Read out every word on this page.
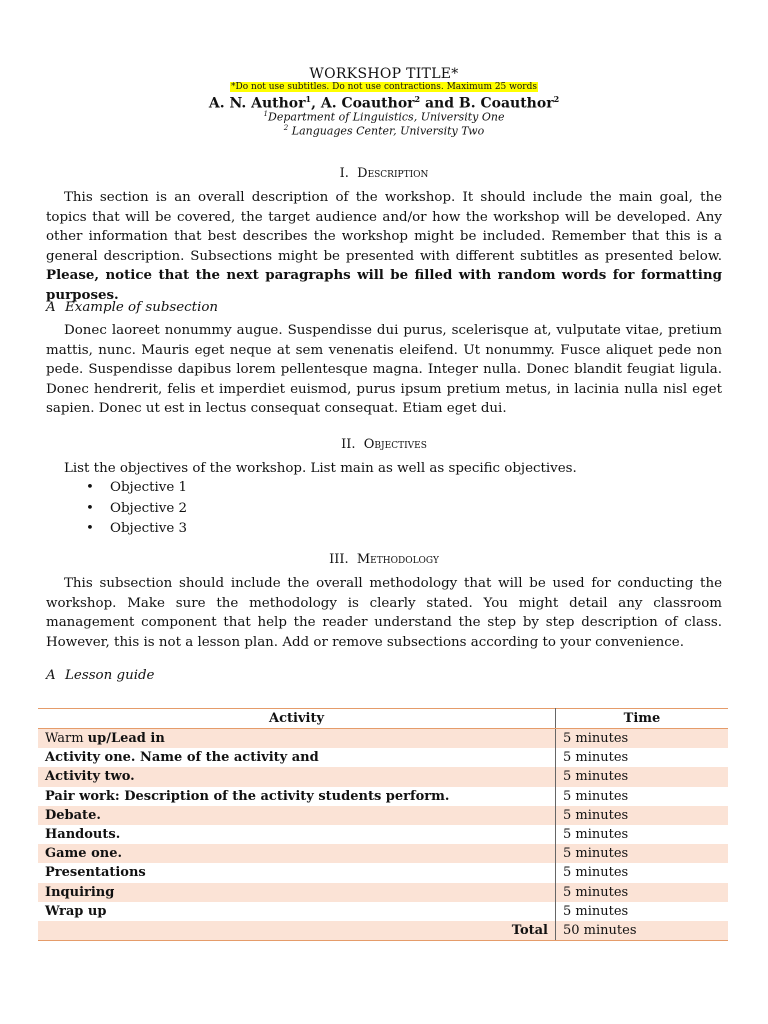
WORKSHOP TITLE*
*Do not use subtitles. Do not use contractions. Maximum 25 words
A. N. Author$^1$, A. Coauthor$^2$ and B. Coauthor$^2$
$^1$Department of Linguistics, University One
$^2$ Languages Center, University Two
I. Description

This section is an overall description of the workshop. It should include the main goal, the topics that will be covered, the target audience and/or how the workshop will be developed. Any other information that best describes the workshop might be included. Remember that this is a general description. Subsections might be presented with different subtitles as presented below. Please, notice that the next paragraphs will be filled with random words for formatting purposes.

A Example of subsection

Donec laoreet nonummy augue. Suspendisse dui purus, scelerisque at, vulputate vitae, pretium mattis, nunc. Mauris eget neque at sem venenatis eleifend. Ut nonummy. Fusce aliquet pede non pede. Suspendisse dapibus lorem pellentesque magna. Integer nulla. Donec blandit feugiat ligula. Donec hendrerit, felis et imperdiet euismod, purus ipsum pretium metus, in lacinia nulla nisl eget sapien. Donec ut est in lectus consequat consequat. Etiam eget dui.

II. Objectives

List the objectives of the workshop. List main as well as specific objectives.

• Objective 1
• Objective 2
• Objective 3
III. Methodology

This subsection should include the overall methodology that will be used for conducting the workshop. Make sure the methodology is clearly stated. You might detail any classroom management component that help the reader understand the step by step description of class. However, this is not a lesson plan. Add or remove subsections according to your convenience.

A Lesson guide
Activity	Time
Warm up/Lead in	5 minutes
Activity one. Name of the activity and	5 minutes
Activity two.	5 minutes
Pair work: Description of the activity students perform.	5 minutes
Debate.	5 minutes
Handouts.	5 minutes
Game one.	5 minutes
Presentations	5 minutes
Inquiring	5 minutes
Wrap up	5 minutes
Total	50 minutes
